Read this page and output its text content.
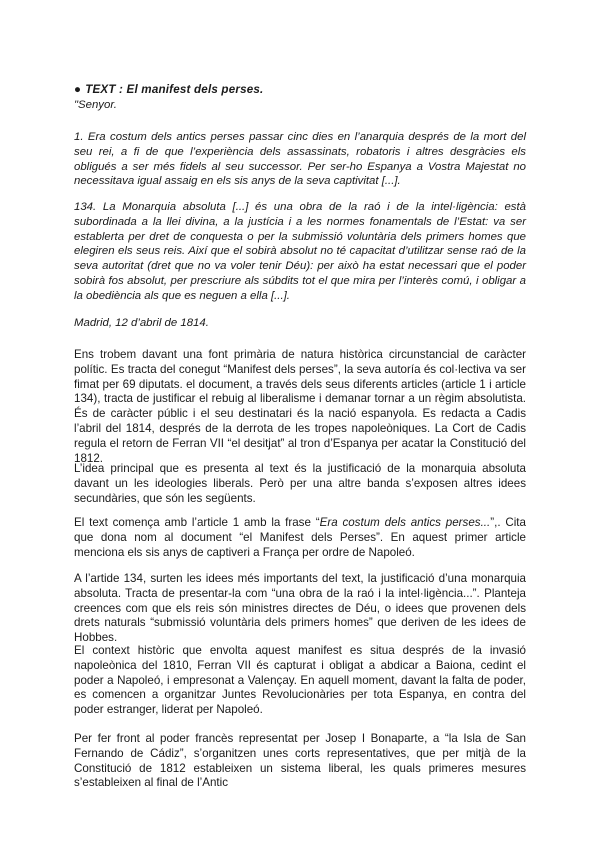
● TEXT : El manifest dels perses.

"Senyor.

1. Era costum dels antics perses passar cinc dies en l’anarquia després de la mort del seu rei, a fi de que l’experiència dels assassinats, robatoris i altres desgràcies els obligués a ser més fidels al seu successor. Per ser-ho Espanya a Vostra Majestat no necessitava igual assaig en els sis anys de la seva captivitat [...].

134. La Monarquia absoluta [...] és una obra de la raó i de la intel·ligència: està subordinada a la llei divina, a la justícia i a les normes fonamentals de l’Estat: va ser establerta per dret de conquesta o per la submissió voluntària dels primers homes que elegiren els seus reis. Així que el sobirà absolut no té capacitat d’utilitzar sense raó de la seva autoritat (dret que no va voler tenir Déu): per això ha estat necessari que el poder sobirà fos absolut, per prescriure als súbdits tot el que mira per l’interès comú, i obligar a la obediència als que es neguen a ella [...].

Madrid, 12 d’abril de 1814.

Ens trobem davant una font primària de natura històrica circunstancial de caràcter polític. Es tracta del conegut “Manifest dels perses”, la seva autoría és col·lectiva va ser fimat per 69 diputats. el document, a través dels seus diferents articles (article 1 i article 134), tracta de justificar el rebuig al liberalisme i demanar tornar a un règim absolutista. És de caràcter públic i el seu destinatari és la nació espanyola. Es redacta a Cadis l’abril del 1814, després de la derrota de les tropes napoleòniques. La Cort de Cadis regula el retorn de Ferran VII “el desitjat” al tron d’Espanya per acatar la Constitució del 1812.

L’idea principal que es presenta al text és la justificació de la monarquia absoluta davant un les ideologies liberals. Però per una altre banda s’exposen altres idees secundàries, que són les següents.

El text comença amb l’article 1 amb la frase “Era costum dels antics perses...”,. Cita que dona nom al document “el Manifest dels Perses”. En aquest primer article menciona els sis anys de captiveri a França per ordre de Napoleó.

A l’artide 134, surten les idees més importants del text, la justificació d’una monarquia absoluta. Tracta de presentar-la com “una obra de la raó i la intel·ligència...”. Planteja creences com que els reis són ministres directes de Déu, o idees que provenen dels drets naturals “submissió voluntària dels primers homes” que deriven de les idees de Hobbes.

El context històric que envolta aquest manifest es situa després de la invasió napoleònica del 1810, Ferran VII és capturat i obligat a abdicar a Baiona, cedint el poder a Napoleó, i empresonat a Valençay. En aquell moment, davant la falta de poder, es comencen a organitzar Juntes Revolucionàries per tota Espanya, en contra del poder estranger, liderat per Napoleó.

Per fer front al poder francès representat per Josep I Bonaparte, a “la Isla de San Fernando de Cádiz”, s’organitzen unes corts representatives, que per mitjà de la Constitució de 1812 estableixen un sistema liberal, les quals primeres mesures s’estableixen al final de l’Antic
